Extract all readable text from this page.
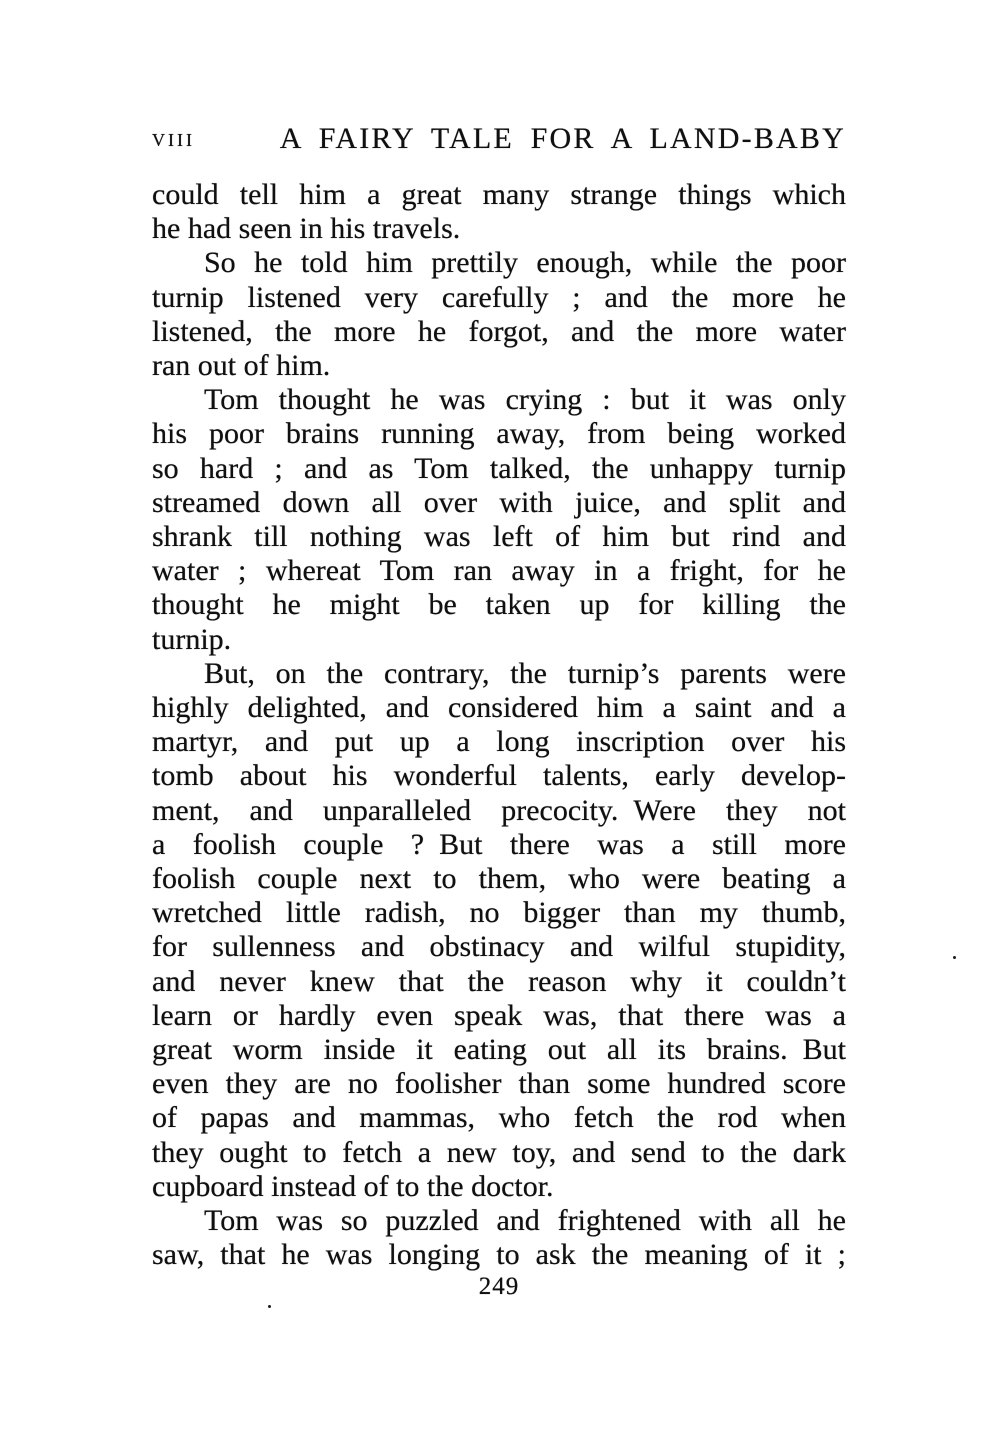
viii	A FAIRY TALE FOR A LAND-BABY
could tell him a great many strange things which
he had seen in his travels.
So he told him prettily enough, while the poor
turnip listened very carefully ; and the more he
listened, the more he forgot, and the more water
ran out of him.
Tom thought he was crying : but it was only
his poor brains running away, from being worked
so hard ; and as Tom talked, the unhappy turnip
streamed down all over with juice, and split and
shrank till nothing was left of him but rind and
water ; whereat Tom ran away in a fright, for he
thought he might be taken up for killing the
turnip.
But, on the contrary, the turnip’s parents were
highly delighted, and considered him a saint and a
martyr, and put up a long inscription over his
tomb about his wonderful talents, early develop-
ment, and unparalleled precocity. Were they not
a foolish couple ? But there was a still more
foolish couple next to them, who were beating a
wretched little radish, no bigger than my thumb,
for sullenness and obstinacy and wilful stupidity,
and never knew that the reason why it couldn’t
learn or hardly even speak was, that there was a
great worm inside it eating out all its brains. But
even they are no foolisher than some hundred score
of papas and mammas, who fetch the rod when
they ought to fetch a new toy, and send to the dark
cupboard instead of to the doctor.
Tom was so puzzled and frightened with all he
saw, that he was longing to ask the meaning of it ;
249
